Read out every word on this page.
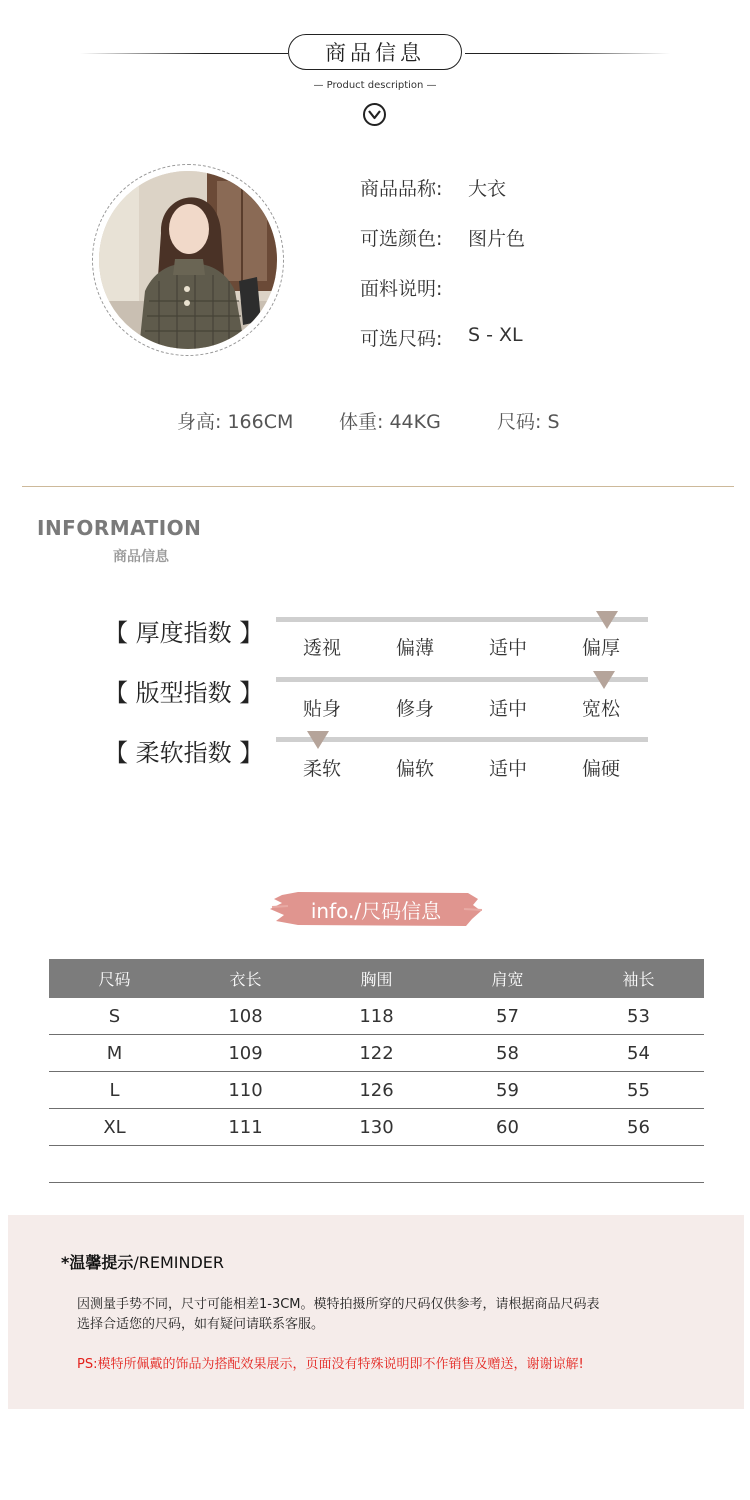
商品信息
— Product description —
商品品称:	大衣
可选颜色:	图片色
面料说明:
可选尺码:	S - XL
身高: 166CM 体重: 44KG	尺码: S
INFORMATION
商品信息
【 厚度指数 】
透视	偏薄	适中	偏厚
【 版型指数 】
贴身	修身	适中	宽松
【 柔软指数 】
柔软	偏软	适中	偏硬
info./尺码信息
尺码	衣长	胸围	肩宽	袖长
S	108	118	57	53
M	109	122	58	54
L	110	126	59	55
XL	111	130	60	56
*温馨提示/REMINDER
因测量手势不同，尺寸可能相差1-3CM。模特拍摄所穿的尺码仅供参考，请根据商品尺码表
选择合适您的尺码，如有疑问请联系客服。
PS:模特所佩戴的饰品为搭配效果展示，页面没有特殊说明即不作销售及赠送，谢谢谅解!
